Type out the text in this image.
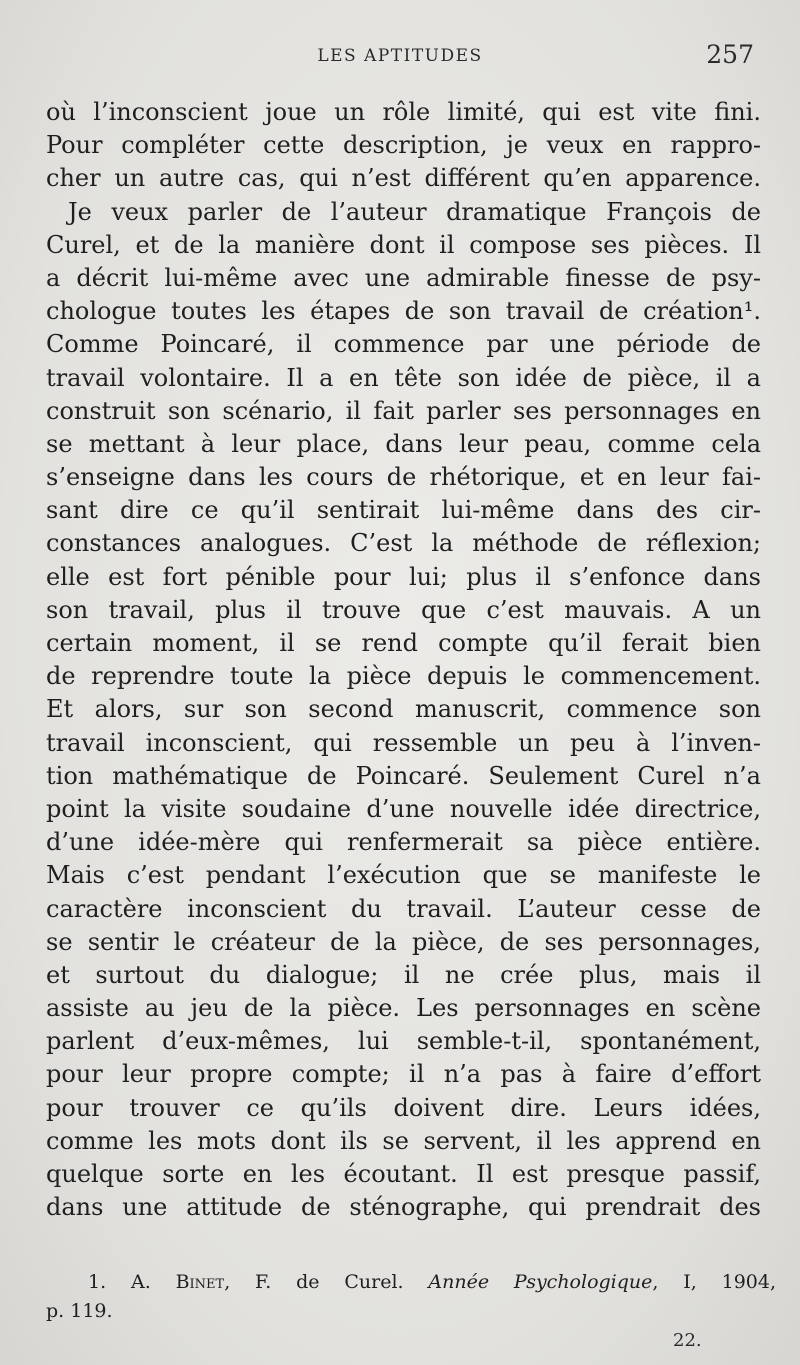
LES APTITUDES	257
où l’inconscient joue un rôle limité, qui est vite fini.
Pour compléter cette description, je veux en rappro-
cher un autre cas, qui n’est différent qu’en apparence.
Je veux parler de l’auteur dramatique François de
Curel, et de la manière dont il compose ses pièces. Il
a décrit lui-même avec une admirable finesse de psy-
chologue toutes les étapes de son travail de création¹.
Comme Poincaré, il commence par une période de
travail volontaire. Il a en tête son idée de pièce, il a
construit son scénario, il fait parler ses personnages en
se mettant à leur place, dans leur peau, comme cela
s’enseigne dans les cours de rhétorique, et en leur fai-
sant dire ce qu’il sentirait lui-même dans des cir-
constances analogues. C’est la méthode de réflexion;
elle est fort pénible pour lui; plus il s’enfonce dans
son travail, plus il trouve que c’est mauvais. A un
certain moment, il se rend compte qu’il ferait bien
de reprendre toute la pièce depuis le commencement.
Et alors, sur son second manuscrit, commence son
travail inconscient, qui ressemble un peu à l’inven-
tion mathématique de Poincaré. Seulement Curel n’a
point la visite soudaine d’une nouvelle idée directrice,
d’une idée-mère qui renfermerait sa pièce entière.
Mais c’est pendant l’exécution que se manifeste le
caractère inconscient du travail. L’auteur cesse de
se sentir le créateur de la pièce, de ses personnages,
et surtout du dialogue; il ne crée plus, mais il
assiste au jeu de la pièce. Les personnages en scène
parlent d’eux-mêmes, lui semble-t-il, spontanément,
pour leur propre compte; il n’a pas à faire d’effort
pour trouver ce qu’ils doivent dire. Leurs idées,
comme les mots dont ils se servent, il les apprend en
quelque sorte en les écoutant. Il est presque passif,
dans une attitude de sténographe, qui prendrait des
1. A. Binet, F. de Curel. Année Psychologique, I, 1904,
p. 119.
22.
